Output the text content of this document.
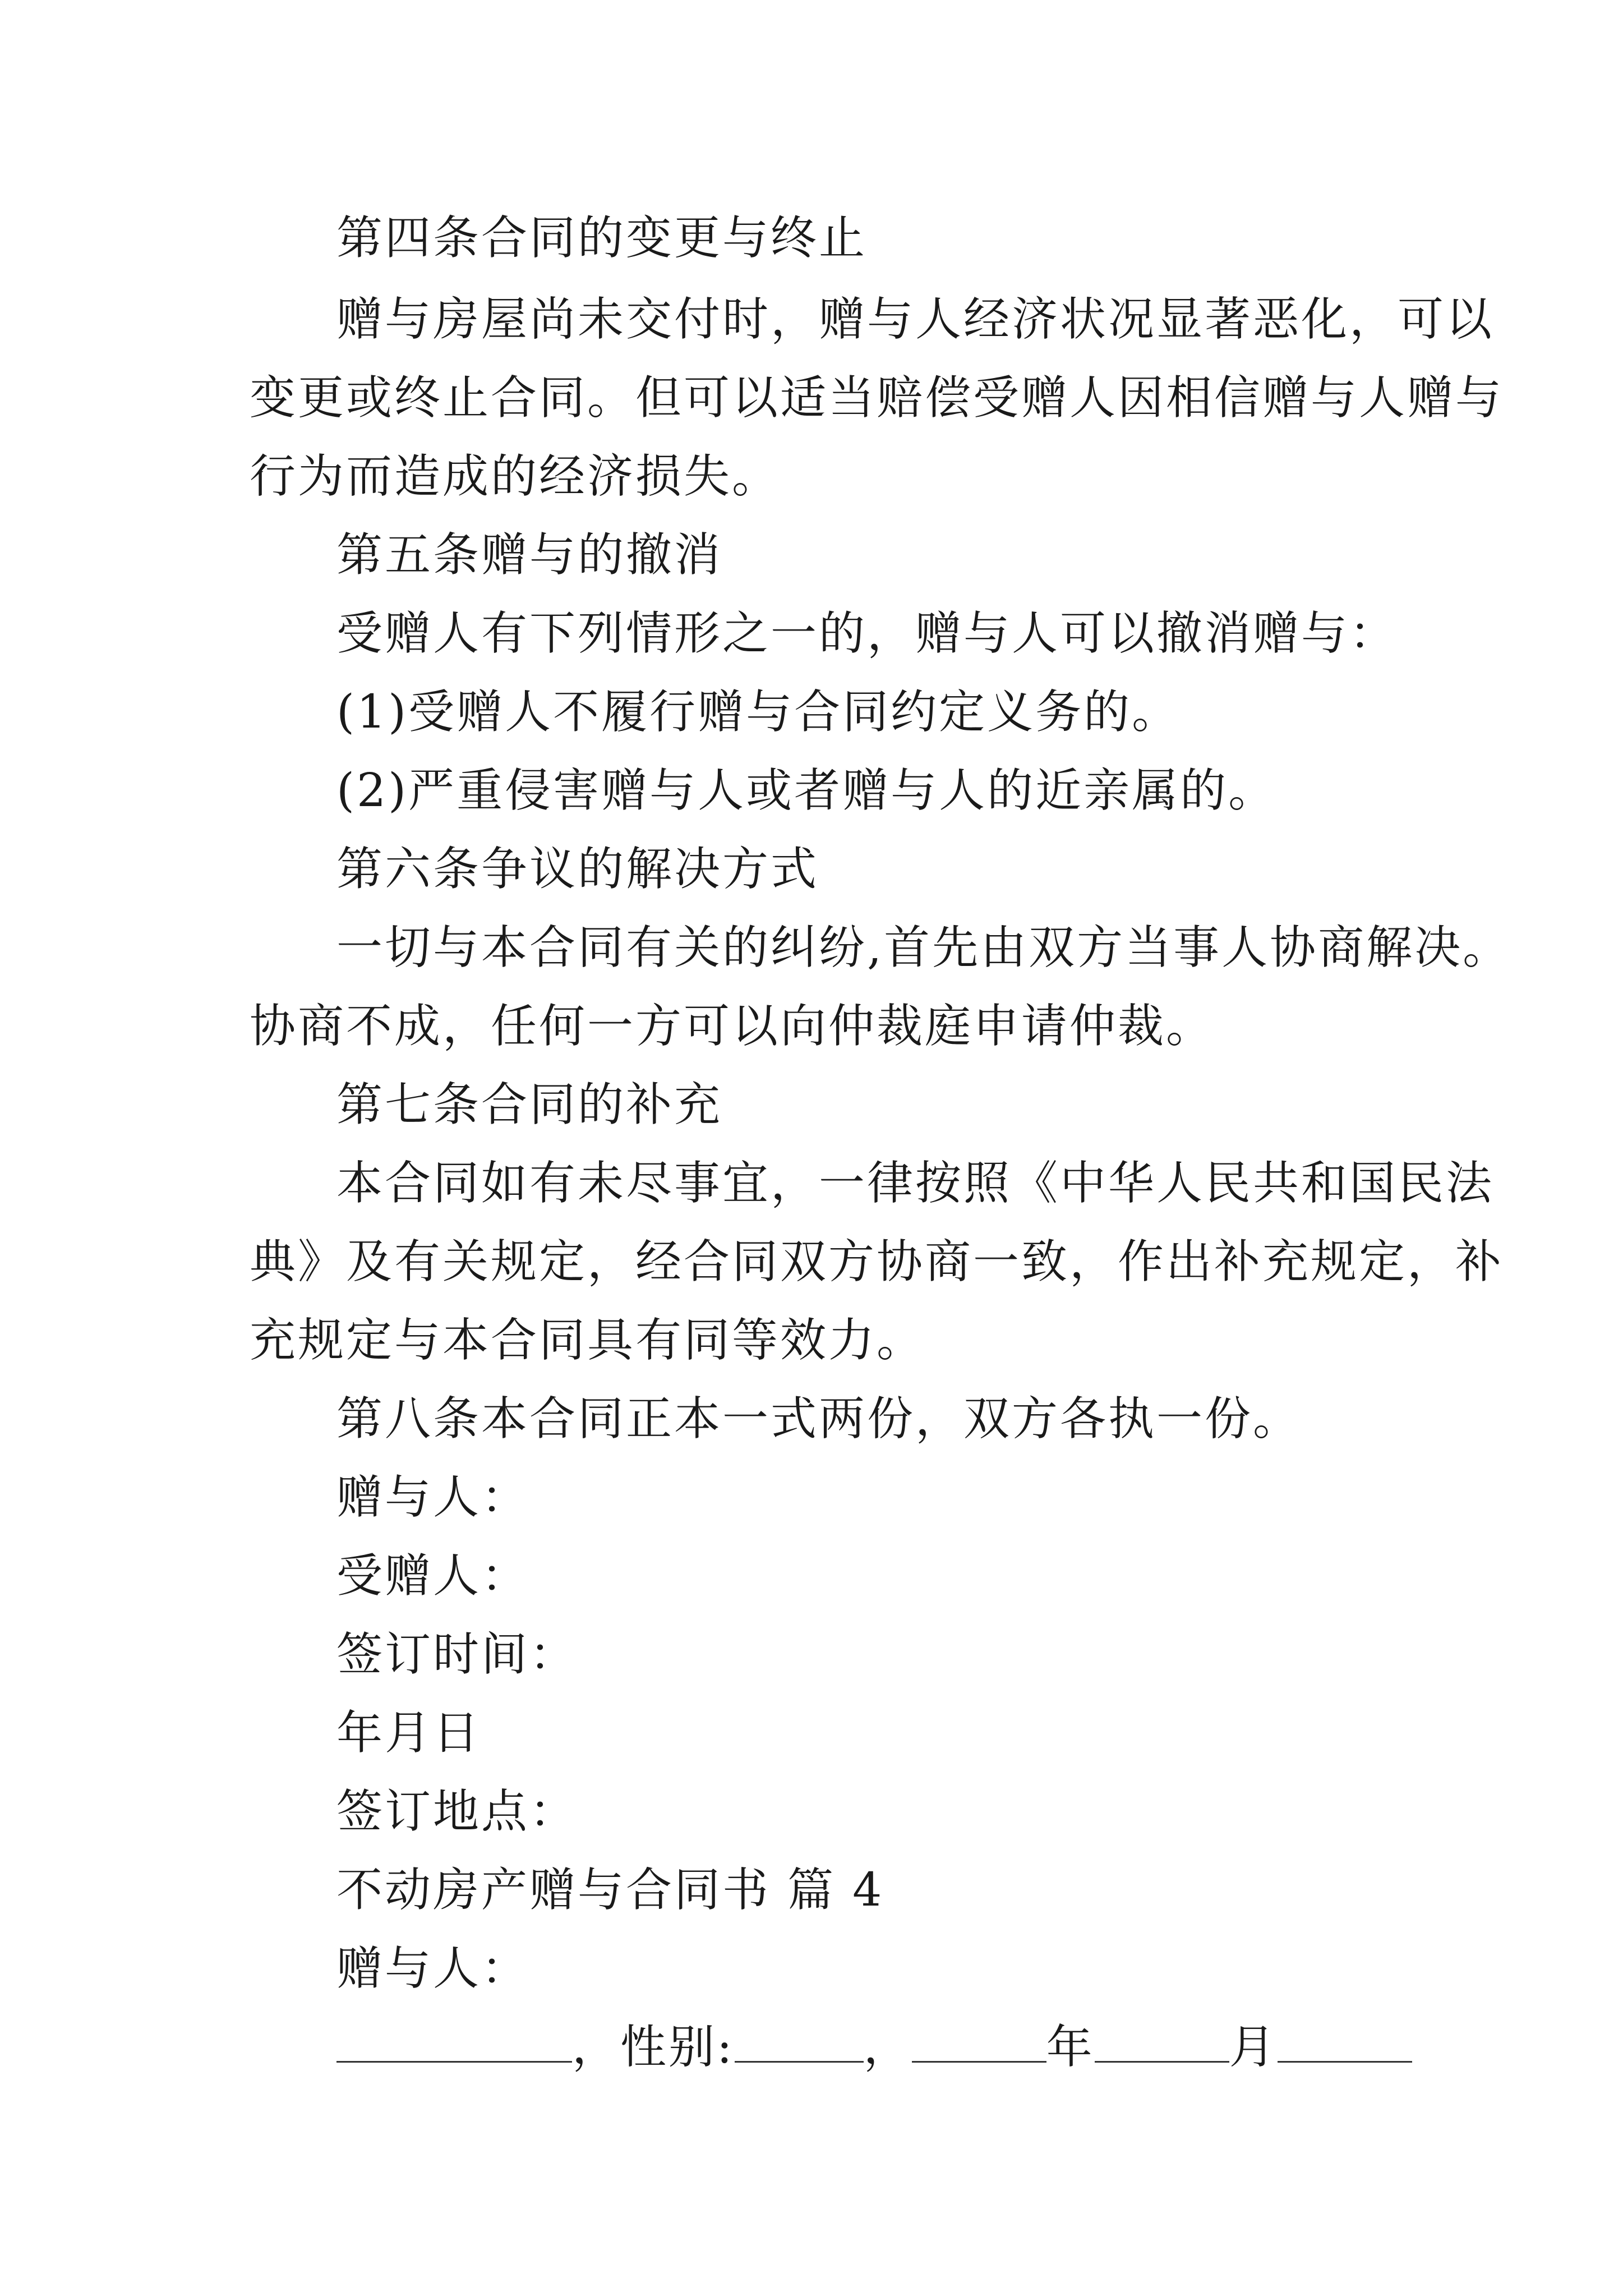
第四条合同的变更与终止
赠与房屋尚未交付时，赠与人经济状况显著恶化，可以
变更或终止合同。但可以适当赔偿受赠人因相信赠与人赠与
行为而造成的经济损失。
第五条赠与的撤消
受赠人有下列情形之一的，赠与人可以撤消赠与：
(1)受赠人不履行赠与合同约定义务的。
(2)严重侵害赠与人或者赠与人的近亲属的。
第六条争议的解决方式
一切与本合同有关的纠纷,首先由双方当事人协商解决。
协商不成，任何一方可以向仲裁庭申请仲裁。
第七条合同的补充
本合同如有未尽事宜，一律按照《中华人民共和国民法
典》及有关规定，经合同双方协商一致，作出补充规定，补
充规定与本合同具有同等效力。
第八条本合同正本一式两份，双方各执一份。
赠与人：
受赠人：
签订时间：
年月日
签订地点：
不动房产赠与合同书 篇 4
赠与人：
，性别:	，	年	月
